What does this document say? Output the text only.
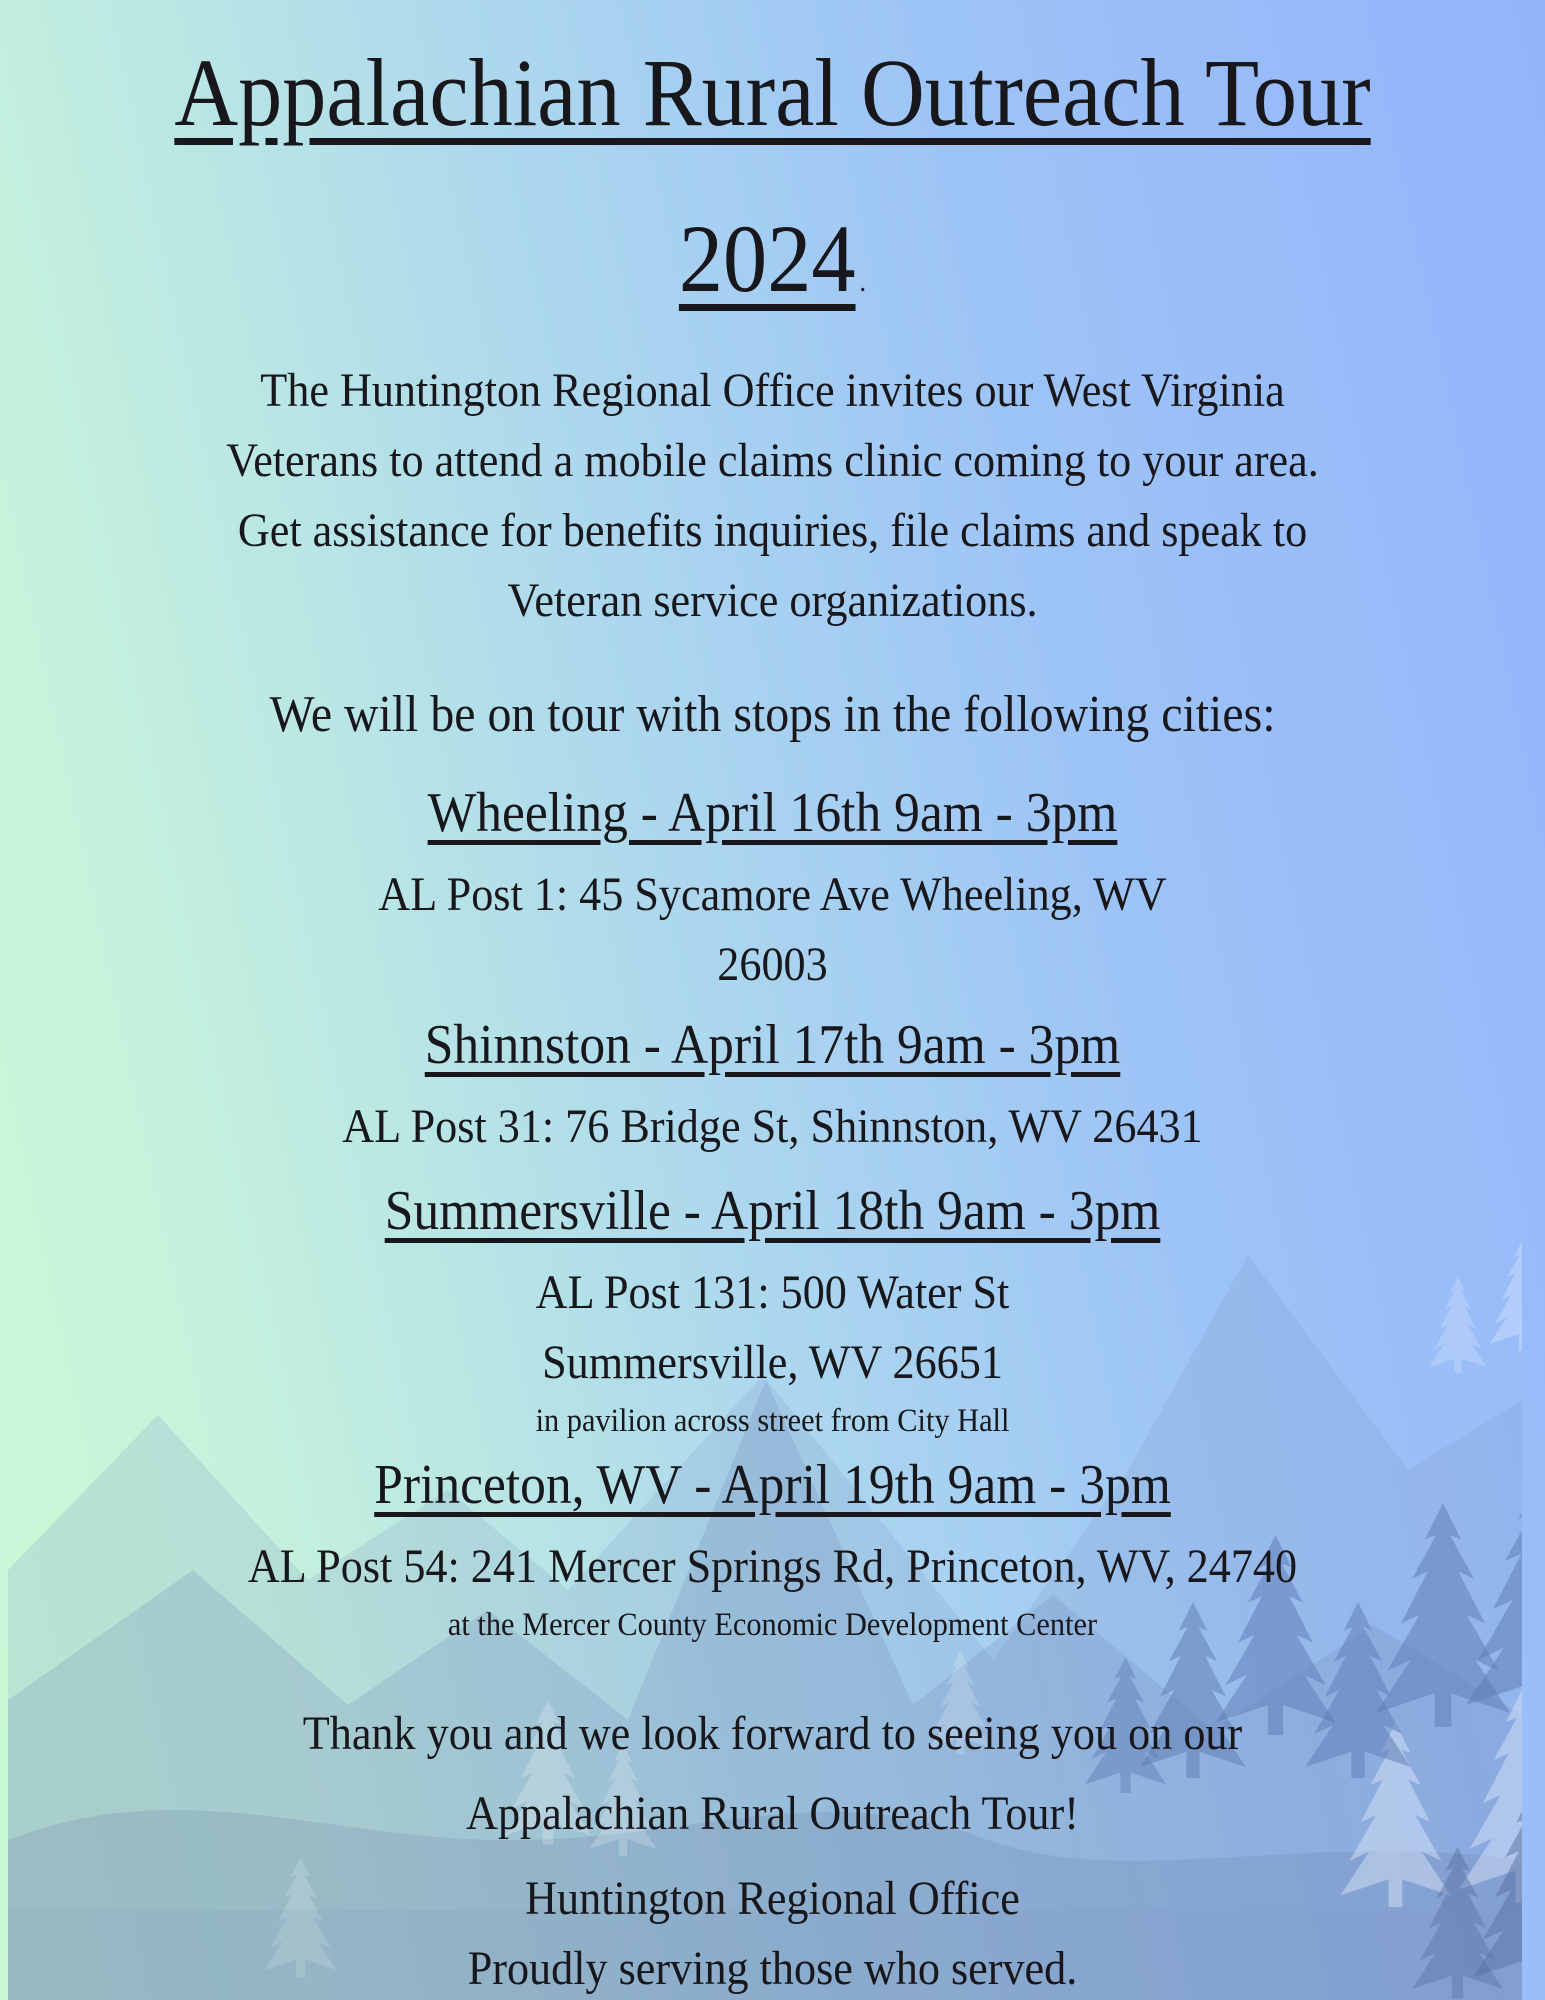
Appalachian Rural Outreach Tour
2024 .
The Huntington Regional Office invites our West Virginia
Veterans to attend a mobile claims clinic coming to your area.
Get assistance for benefits inquiries, file claims and speak to
Veteran service organizations.
We will be on tour with stops in the following cities:
Wheeling - April 16th 9am - 3pm
AL Post 1: 45 Sycamore Ave Wheeling, WV
26003
Shinnston - April 17th 9am - 3pm
AL Post 31: 76 Bridge St, Shinnston, WV 26431
Summersville - April 18th 9am - 3pm
AL Post 131: 500 Water St
Summersville, WV 26651
in pavilion across street from City Hall
Princeton, WV - April 19th 9am - 3pm
AL Post 54: 241 Mercer Springs Rd, Princeton, WV, 24740
at the Mercer County Economic Development Center
Thank you and we look forward to seeing you on our
Appalachian Rural Outreach Tour!
Huntington Regional Office
Proudly serving those who served.
